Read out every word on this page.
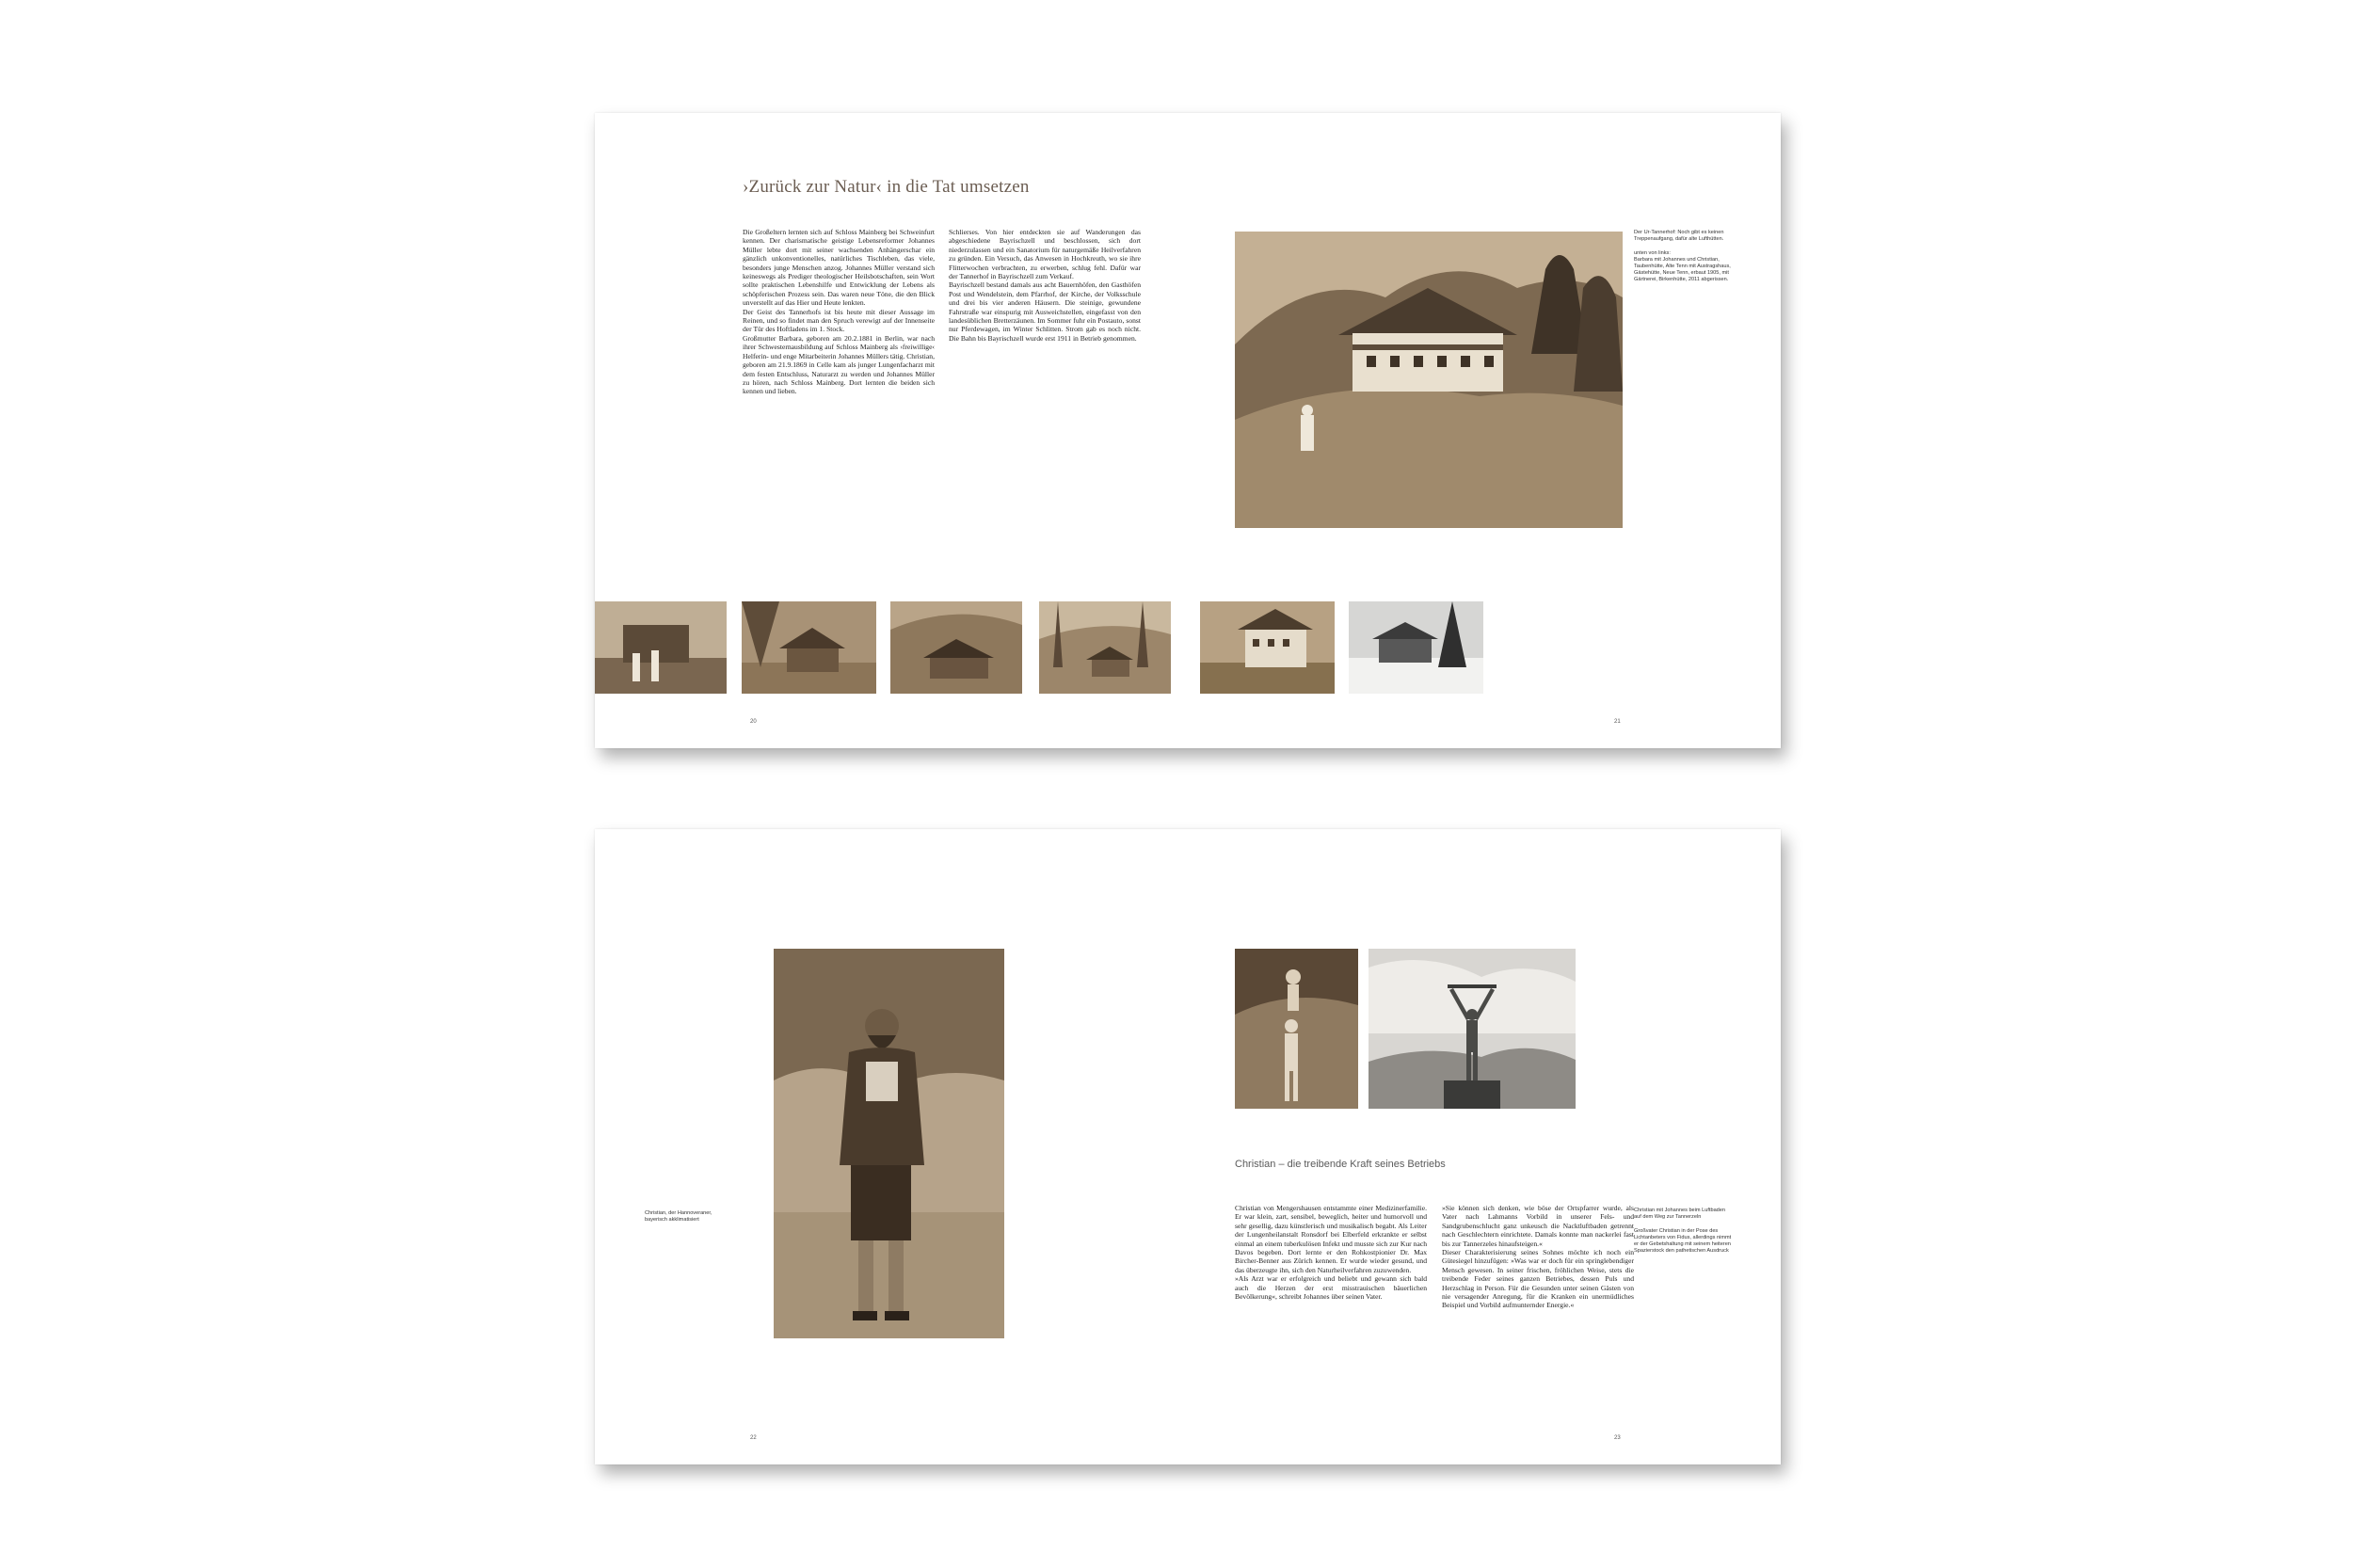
›Zurück zur Natur‹ in die Tat umsetzen
Die Großeltern lernten sich auf Schloss Mainberg bei Schweinfurt kennen. Der charismatische geistige Lebensreformer Johannes Müller lebte dort mit seiner wachsenden Anhängerschar ein gänzlich unkonventionelles, natürliches Tischleben, das viele, besonders junge Menschen anzog. Johannes Müller verstand sich keineswegs als Prediger theologischer Heilsbotschaften, sein Wort sollte praktischen Lebenshilfe und Entwicklung der Lebens als schöpferischen Prozess sein. Das waren neue Töne, die den Blick unverstellt auf das Hier und Heute lenkten.
Der Geist des Tannerhofs ist bis heute mit dieser Aussage im Reinen, und so findet man den Spruch verewigt auf der Innenseite der Tür des Hoftladens im 1. Stock.
Großmutter Barbara, geboren am 20.2.1881 in Berlin, war nach ihrer Schwesternausbildung auf Schloss Mainberg als ›freiwillige‹ Helferin- und enge Mitarbeiterin Johannes Müllers tätig. Christian, geboren am 21.9.1869 in Celle kam als junger Lungenfacharzt mit dem festen Entschluss, Naturarzt zu werden und Johannes Müller zu hören, nach Schloss Mainberg. Dort lernten die beiden sich kennen und lieben.
Schlierses. Von hier entdeckten sie auf Wanderungen das abgeschiedene Bayrischzell und beschlossen, sich dort niederzulassen und ein Sanatorium für naturgemäße Heilverfahren zu gründen. Ein Versuch, das Anwesen in Hochkreuth, wo sie ihre Flitterwochen verbrachten, zu erwerben, schlug fehl. Dafür war der Tannerhof in Bayrischzell zum Verkauf.
Bayrischzell bestand damals aus acht Bauernhöfen, den Gasthöfen Post und Wendelstein, dem Pfarrhof, der Kirche, der Volksschule und drei bis vier anderen Häusern. Die steinige, gewundene Fahrstraße war einspurig mit Ausweichstellen, eingefasst von den landesüblichen Bretterzäunen. Im Sommer fuhr ein Postauto, sonst nur Pferdewagen, im Winter Schlitten. Strom gab es noch nicht. Die Bahn bis Bayrischzell wurde erst 1911 in Betrieb genommen.
Der Ur-Tannerhof: Noch gibt es keinen Treppenaufgang, dafür alte Lufthütten.

unten von links:
Barbara mit Johannes und Christian, Taubenhütte, Alte Tenn mit Austragshaus, Gästehütte, Neue Tenn, erbaut 1905, mit Gärtnerei, Birkenhütte, 2011 abgerissen.
20	21
Christian, der Hannoveraner,
bayerisch akklimatisiert
Christian – die treibende Kraft seines Betriebs
Christian von Mengershausen entstammte einer Medizinerfamilie. Er war klein, zart, sensibel, beweglich, heiter und humorvoll und sehr gesellig, dazu künstlerisch und musikalisch begabt. Als Leiter der Lungenheilanstalt Ronsdorf bei Elberfeld erkrankte er selbst einmal an einem tuberkulösen Infekt und musste sich zur Kur nach Davos begeben. Dort lernte er den Rohkostpionier Dr. Max Bircher-Benner aus Zürich kennen. Er wurde wieder gesund, und das überzeugte ihn, sich den Naturheilverfahren zuzuwenden.
»Als Arzt war er erfolgreich und beliebt und gewann sich bald auch die Herzen der erst misstrauischen bäuerlichen Bevölkerung«, schreibt Johannes über seinen Vater.
»Sie können sich denken, wie böse der Ortspfarrer wurde, als Vater nach Lahmanns Vorbild in unserer Fels- und Sandgrubenschlucht ganz unkeusch die Nacktluftbaden getrennt nach Geschlechtern einrichtete. Damals konnte man nackerlei fast bis zur Tannerzeles hinaufsteigen.«
Dieser Charakterisierung seines Sohnes möchte ich noch ein Gütesiegel hinzufügen: »Was war er doch für ein springlebendiger Mensch gewesen. In seiner frischen, fröhlichen Weise, stets die treibende Feder seines ganzen Betriebes, dessen Puls und Herzschlag in Person. Für die Gesunden unter seinen Gästen von nie versagender Anregung, für die Kranken ein unermüdliches Beispiel und Vorbild aufmunternder Energie.«
Christian mit Johannes beim Luftbaden auf dem Weg zur Tannerzeln

Großvater Christian in der Pose des Lichtanbeters von Fidus, allerdings nimmt er der Gebetshaltung mit seinem heiteren Spazierstock den pathetischen Ausdruck
22	23
